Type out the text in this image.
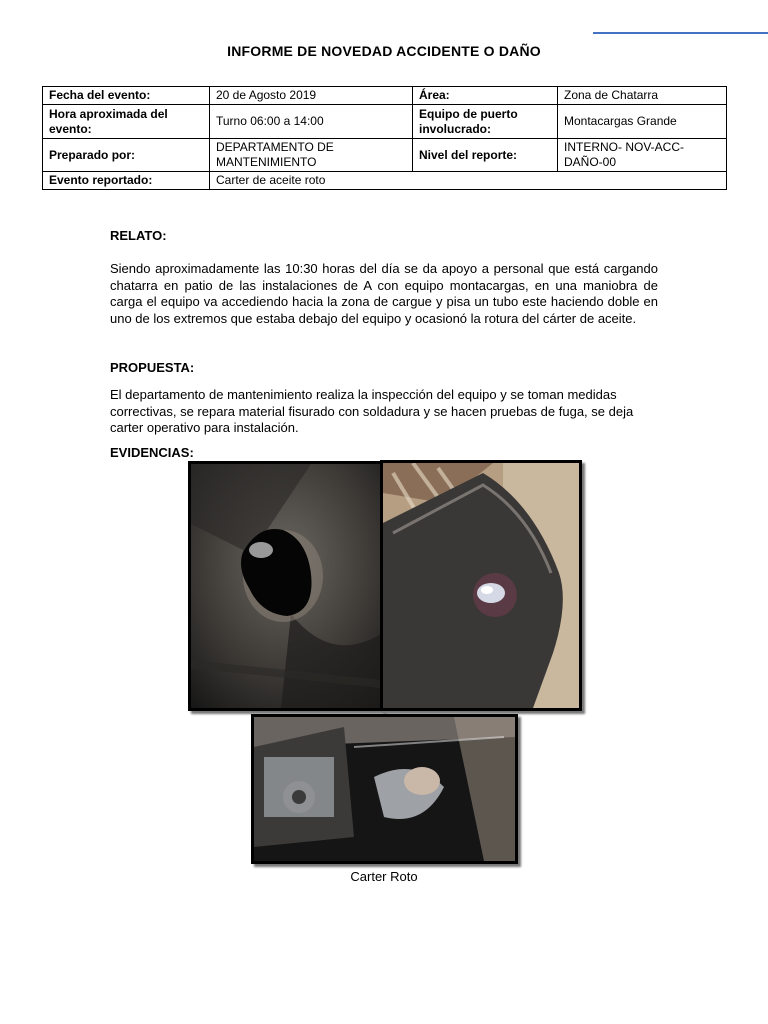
INFORME DE NOVEDAD ACCIDENTE O DAÑO
Fecha del evento:	20 de Agosto 2019	Área:	Zona de Chatarra
Hora aproximada del evento:	Turno 06:00 a 14:00	Equipo de puerto involucrado:	Montacargas Grande
Preparado por:	DEPARTAMENTO DE MANTENIMIENTO	Nivel del reporte:	INTERNO- NOV-ACC-DAÑO-00
Evento reportado:	Carter de aceite roto		
RELATO:
Siendo aproximadamente las 10:30 horas del día se da apoyo a personal que está cargando chatarra en patio de las instalaciones de A con equipo montacargas, en una maniobra de carga el equipo va accediendo hacia la zona de cargue y pisa un tubo este haciendo doble en uno de los extremos que estaba debajo del equipo y ocasionó la rotura del cárter de aceite.
PROPUESTA:
El departamento de mantenimiento realiza la inspección del equipo y se toman medidas correctivas, se repara material fisurado con soldadura y se hacen pruebas de fuga, se deja carter operativo para instalación.
EVIDENCIAS:
Carter Roto
